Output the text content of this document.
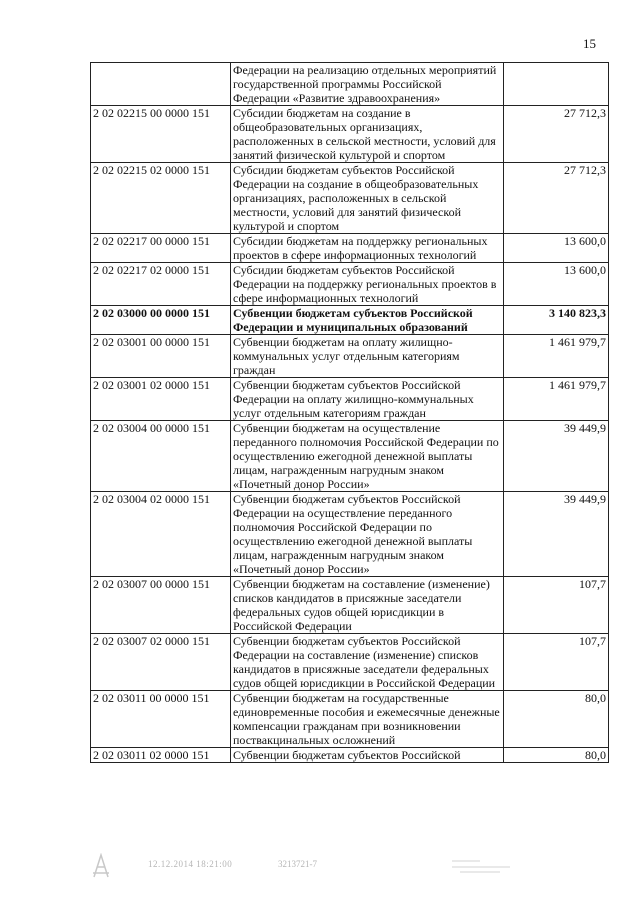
15
	Федерации на реализацию отдельных мероприятий государственной программы Российской Федерации «Развитие здравоохранения»	
2 02 02215 00 0000 151	Субсидии бюджетам на создание в общеобразовательных организациях, расположенных в сельской местности, условий для занятий физической культурой и спортом	27 712,3
2 02 02215 02 0000 151	Субсидии бюджетам субъектов Российской Федерации на создание в общеобразовательных организациях, расположенных в сельской местности, условий для занятий физической культурой и спортом	27 712,3
2 02 02217 00 0000 151	Субсидии бюджетам на поддержку региональных проектов в сфере информационных технологий	13 600,0
2 02 02217 02 0000 151	Субсидии бюджетам субъектов Российской Федерации на поддержку региональных проектов в сфере информационных технологий	13 600,0
2 02 03000 00 0000 151	Субвенции бюджетам субъектов Российской Федерации и муниципальных образований	3 140 823,3
2 02 03001 00 0000 151	Субвенции бюджетам на оплату жилищно-коммунальных услуг отдельным категориям граждан	1 461 979,7
2 02 03001 02 0000 151	Субвенции бюджетам субъектов Российской Федерации на оплату жилищно-коммунальных услуг отдельным категориям граждан	1 461 979,7
2 02 03004 00 0000 151	Субвенции бюджетам на осуществление переданного полномочия Российской Федерации по осуществлению ежегодной денежной выплаты лицам, награжденным нагрудным знаком «Почетный донор России»	39 449,9
2 02 03004 02 0000 151	Субвенции бюджетам субъектов Российской Федерации на осуществление переданного полномочия Российской Федерации по осуществлению ежегодной денежной выплаты лицам, награжденным нагрудным знаком «Почетный донор России»	39 449,9
2 02 03007 00 0000 151	Субвенции бюджетам на составление (изменение) списков кандидатов в присяжные заседатели федеральных судов общей юрисдикции в Российской Федерации	107,7
2 02 03007 02 0000 151	Субвенции бюджетам субъектов Российской Федерации на составление (изменение) списков кандидатов в присяжные заседатели федеральных судов общей юрисдикции в Российской Федерации	107,7
2 02 03011 00 0000 151	Субвенции бюджетам на государственные единовременные пособия и ежемесячные денежные компенсации гражданам при возникновении поствакцинальных осложнений	80,0
2 02 03011 02 0000 151	Субвенции бюджетам субъектов Российской	80,0
12.12.2014 18:21:00	3213721-7
